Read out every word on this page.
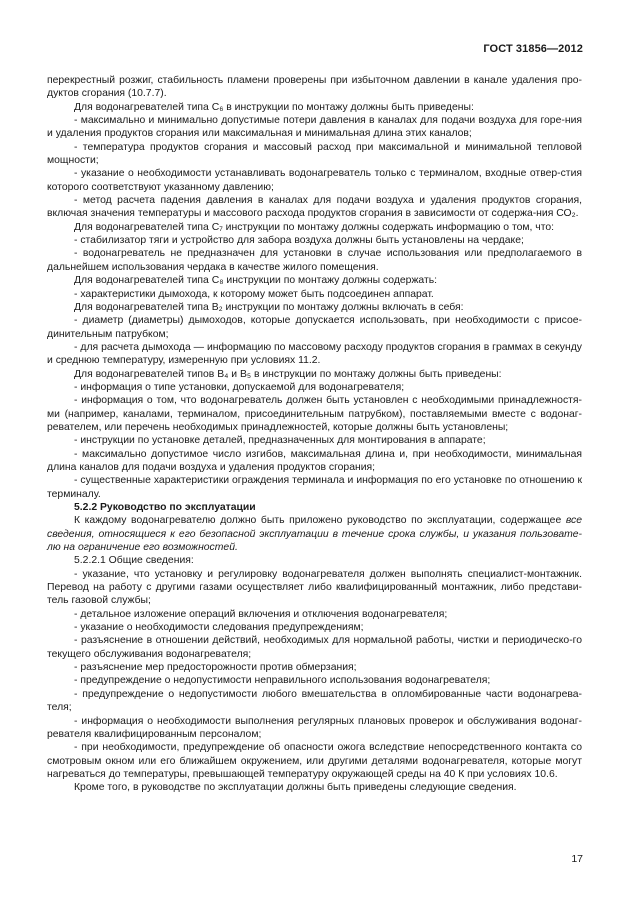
ГОСТ 31856—2012

перекрестный розжиг, стабильность пламени проверены при избыточном давлении в канале удаления про-дуктов сгорания (10.7.7).

Для водонагревателей типа С₆ в инструкции по монтажу должны быть приведены:

- максимально и минимально допустимые потери давления в каналах для подачи воздуха для горе-ния и удаления продуктов сгорания или максимальная и минимальная длина этих каналов;

- температура продуктов сгорания и массовый расход при максимальной и минимальной тепловой мощности;

- указание о необходимости устанавливать водонагреватель только с терминалом, входные отвер-стия которого соответствуют указанному давлению;

- метод расчета падения давления в каналах для подачи воздуха и удаления продуктов сгорания, включая значения температуры и массового расхода продуктов сгорания в зависимости от содержа-ния СО₂.

Для водонагревателей типа С₇ инструкции по монтажу должны содержать информацию о том, что:

- стабилизатор тяги и устройство для забора воздуха должны быть установлены на чердаке;

- водонагреватель не предназначен для установки в случае использования или предполагаемого в дальнейшем использования чердака в качестве жилого помещения.

Для водонагревателей типа С₈ инструкции по монтажу должны содержать:

- характеристики дымохода, к которому может быть подсоединен аппарат.

Для водонагревателей типа В₂ инструкции по монтажу должны включать в себя:

- диаметр (диаметры) дымоходов, которые допускается использовать, при необходимости с присое-динительным патрубком;

- для расчета дымохода — информацию по массовому расходу продуктов сгорания в граммах в секунду и среднюю температуру, измеренную при условиях 11.2.

Для водонагревателей типов В₄ и В₅ в инструкции по монтажу должны быть приведены:

- информация о типе установки, допускаемой для водонагревателя;

- информация о том, что водонагреватель должен быть установлен с необходимыми принадлежностя-ми (например, каналами, терминалом, присоединительным патрубком), поставляемыми вместе с водонаг-ревателем, или перечень необходимых принадлежностей, которые должны быть установлены;

- инструкции по установке деталей, предназначенных для монтирования в аппарате;

- максимально допустимое число изгибов, максимальная длина и, при необходимости, минимальная длина каналов для подачи воздуха и удаления продуктов сгорания;

- существенные характеристики ограждения терминала и информация по его установке по отношению к терминалу.

5.2.2 Руководство по эксплуатации

К каждому водонагревателю должно быть приложено руководство по эксплуатации, содержащее все сведения, относящиеся к его безопасной эксплуатации в течение срока службы, и указания пользовате-лю на ограничение его возможностей.

5.2.2.1 Общие сведения:

- указание, что установку и регулировку водонагревателя должен выполнять специалист-монтажник. Перевод на работу с другими газами осуществляет либо квалифицированный монтажник, либо представи-тель газовой службы;

- детальное изложение операций включения и отключения водонагревателя;

- указание о необходимости следования предупреждениям;

- разъяснение в отношении действий, необходимых для нормальной работы, чистки и периодическо-го текущего обслуживания водонагревателя;

- разъяснение мер предосторожности против обмерзания;

- предупреждение о недопустимости неправильного использования водонагревателя;

- предупреждение о недопустимости любого вмешательства в опломбированные части водонагрева-теля;

- информация о необходимости выполнения регулярных плановых проверок и обслуживания водонаг-ревателя квалифицированным персоналом;

- при необходимости, предупреждение об опасности ожога вследствие непосредственного контакта со смотровым окном или его ближайшем окружением, или другими деталями водонагревателя, которые могут нагреваться до температуры, превышающей температуру окружающей среды на 40 К при условиях 10.6.

Кроме того, в руководстве по эксплуатации должны быть приведены следующие сведения.

17
